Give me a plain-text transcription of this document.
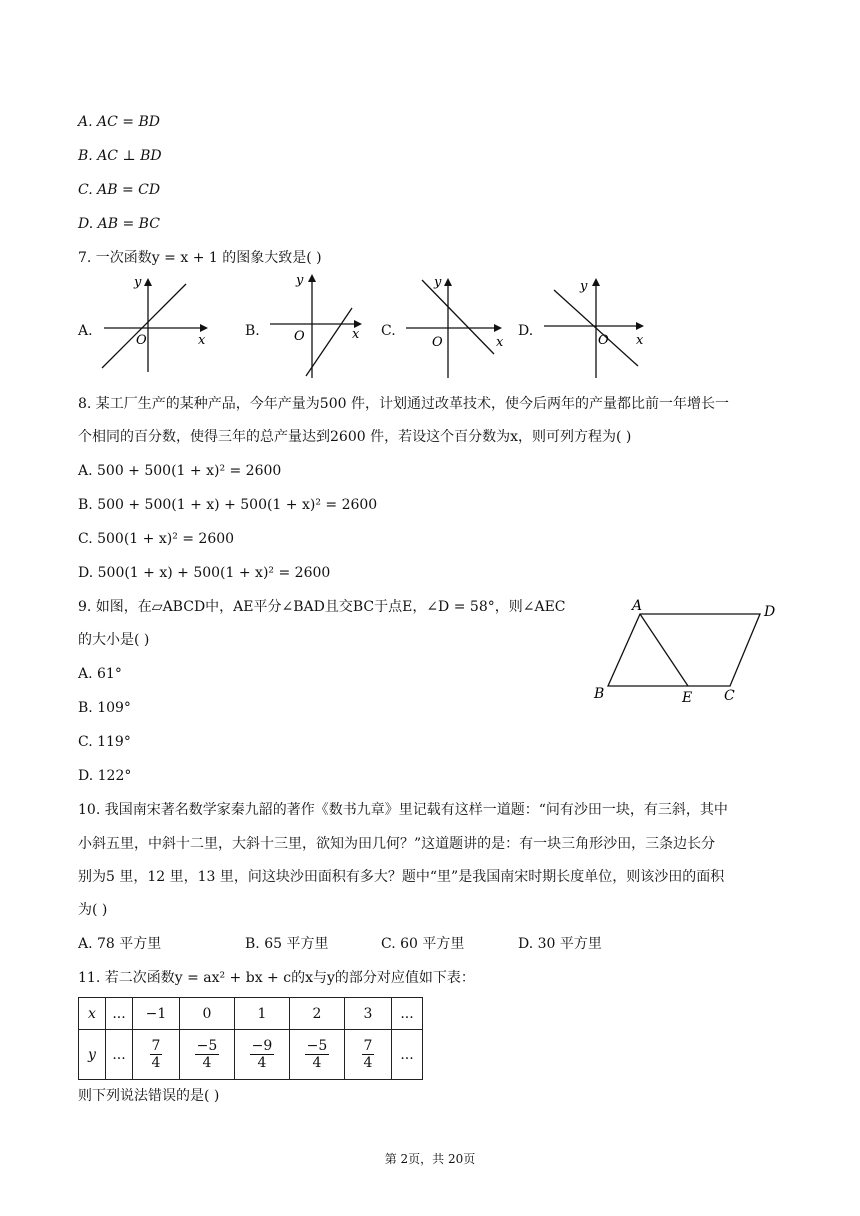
A. AC = BD
B. AC ⊥ BD
C. AB = CD
D. AB = BC
7. 一次函数y = x + 1 的图象大致是( )
A.
y
x
O
B.
y
x
O	C.
y
x
O
D.
y
x
O
8. 某工厂生产的某种产品，今年产量为500 件，计划通过改革技术，使今后两年的产量都比前一年增长一
个相同的百分数，使得三年的总产量达到2600 件，若设这个百分数为x，则可列方程为( )
A. 500 + 500(1 + x)² = 2600
B. 500 + 500(1 + x) + 500(1 + x)² = 2600
C. 500(1 + x)² = 2600
D. 500(1 + x) + 500(1 + x)² = 2600
9. 如图，在▱ABCD中，AE平分∠BAD且交BC于点E，∠D = 58°，则∠AEC
的大小是( )
A. 61°
B. 109°
C. 119°
D. 122°
A	D
B	E C
10. 我国南宋著名数学家秦九韶的著作《数书九章》里记载有这样一道题：“问有沙田一块，有三斜，其中
小斜五里，中斜十二里，大斜十三里，欲知为田几何？”这道题讲的是：有一块三角形沙田，三条边长分
别为5 里，12 里，13 里，问这块沙田面积有多大？题中“里”是我国南宋时期长度单位，则该沙田的面积
为( )
A. 78 平方里	B. 65 平方里	C. 60 平方里	D. 30 平方里
11. 若二次函数y = ax² + bx + c的x与y的部分对应值如下表：
x	...	−1	0	1	2	3	...
y	...	$\frac{7}{4}$	$\frac{-5}{4}$	$\frac{-9}{4}$	$\frac{-5}{4}$	$\frac{7}{4}$	...
则下列说法错误的是( )
第 2页，共 20页
